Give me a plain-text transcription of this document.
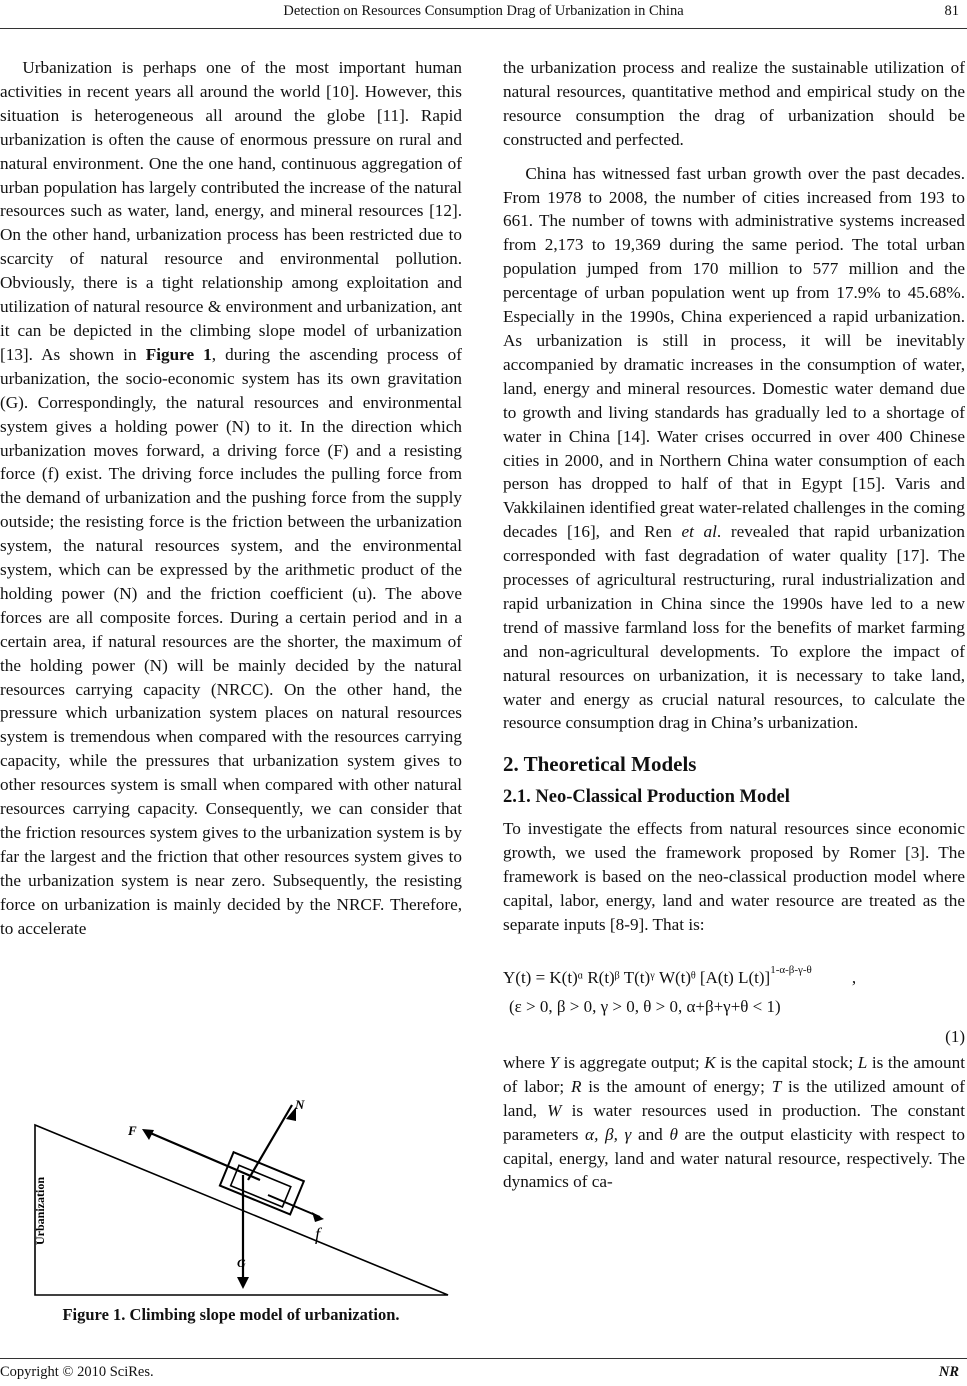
Detection on Resources Consumption Drag of Urbanization in China	81

Urbanization is perhaps one of the most important human activities in recent years all around the world [10]. However, this situation is heterogeneous all around the globe [11]. Rapid urbanization is often the cause of enormous pressure on rural and natural environment. One the one hand, continuous aggregation of urban population has largely contributed the increase of the natural resources such as water, land, energy, and mineral resources [12]. On the other hand, urbanization process has been restricted due to scarcity of natural resource and environmental pollution. Obviously, there is a tight relationship among exploitation and utilization of natural resource & environment and urbanization, ant it can be depicted in the climbing slope model of urbanization [13]. As shown in Figure 1, during the ascending process of urbanization, the socio-economic system has its own gravitation (G). Correspondingly, the natural resources and environmental system gives a holding power (N) to it. In the direction which urbanization moves forward, a driving force (F) and a resisting force (f) exist. The driving force includes the pulling force from the demand of urbanization and the pushing force from the supply outside; the resisting force is the friction between the urbanization system, the natural resources system, and the environmental system, which can be expressed by the arithmetic product of the holding power (N) and the friction coefficient (u). The above forces are all composite forces. During a certain period and in a certain area, if natural resources are the shorter, the maximum of the holding power (N) will be mainly decided by the natural resources carrying capacity (NRCC). On the other hand, the pressure which urbanization system places on natural resources system is tremendous when compared with the resources carrying capacity, while the pressures that urbanization system gives to other resources system is small when compared with other natural resources carrying capacity. Consequently, we can consider that the friction resources system gives to the urbanization system is by far the largest and the friction that other resources system gives to the urbanization system is near zero. Subsequently, the resisting force on urbanization is mainly decided by the NRCF. Therefore, to accelerate

Urbanization
F
N
f
G
Figure 1. Climbing slope model of urbanization.

the urbanization process and realize the sustainable utilization of natural resources, quantitative method and empirical study on the resource consumption the drag of urbanization should be constructed and perfected.

China has witnessed fast urban growth over the past decades. From 1978 to 2008, the number of cities increased from 193 to 661. The number of towns with administrative systems increased from 2,173 to 19,369 during the same period. The total urban population jumped from 170 million to 577 million and the percentage of urban population went up from 17.9% to 45.68%. Especially in the 1990s, China experienced a rapid urbanization. As urbanization is still in process, it will be inevitably accompanied by dramatic increases in the consumption of water, land, energy and mineral resources. Domestic water demand due to growth and living standards has gradually led to a shortage of water in China [14]. Water crises occurred in over 400 Chinese cities in 2000, and in Northern China water consumption of each person has dropped to half of that in Egypt [15]. Varis and Vakkilainen identified great water-related challenges in the coming decades [16], and Ren et al. revealed that rapid urbanization corresponded with fast degradation of water quality [17]. The processes of agricultural restructuring, rural industrialization and rapid urbanization in China since the 1990s have led to a new trend of massive farmland loss for the benefits of market farming and non-agricultural developments. To explore the impact of natural resources on urbanization, it is necessary to take land, water and energy as crucial natural resources, to calculate the resource consumption drag in China’s urbanization.

2. Theoretical Models
2.1. Neo-Classical Production Model

To investigate the effects from natural resources since economic growth, we used the framework proposed by Romer [3]. The framework is based on the neo-classical production model where capital, labor, energy, land and water resource are treated as the separate inputs [8-9]. That is:

Y(t) = K(t)ᵅ R(t)ᵝ T(t)ᵞ W(t)ᶿ [A(t) L(t)]$^{1-\alpha-\beta-\gamma-\theta}$ ,
(ε > 0, β > 0, γ > 0, θ > 0, α+β+γ+θ < 1)
(1)

where Y is aggregate output; K is the capital stock; L is the amount of labor; R is the amount of energy; T is the utilized amount of land, W is water resources used in production. The constant parameters α, β, γ and θ are the output elasticity with respect to capital, energy, land and water natural resource, respectively. The dynamics of ca-

Copyright © 2010 SciRes.	NR
